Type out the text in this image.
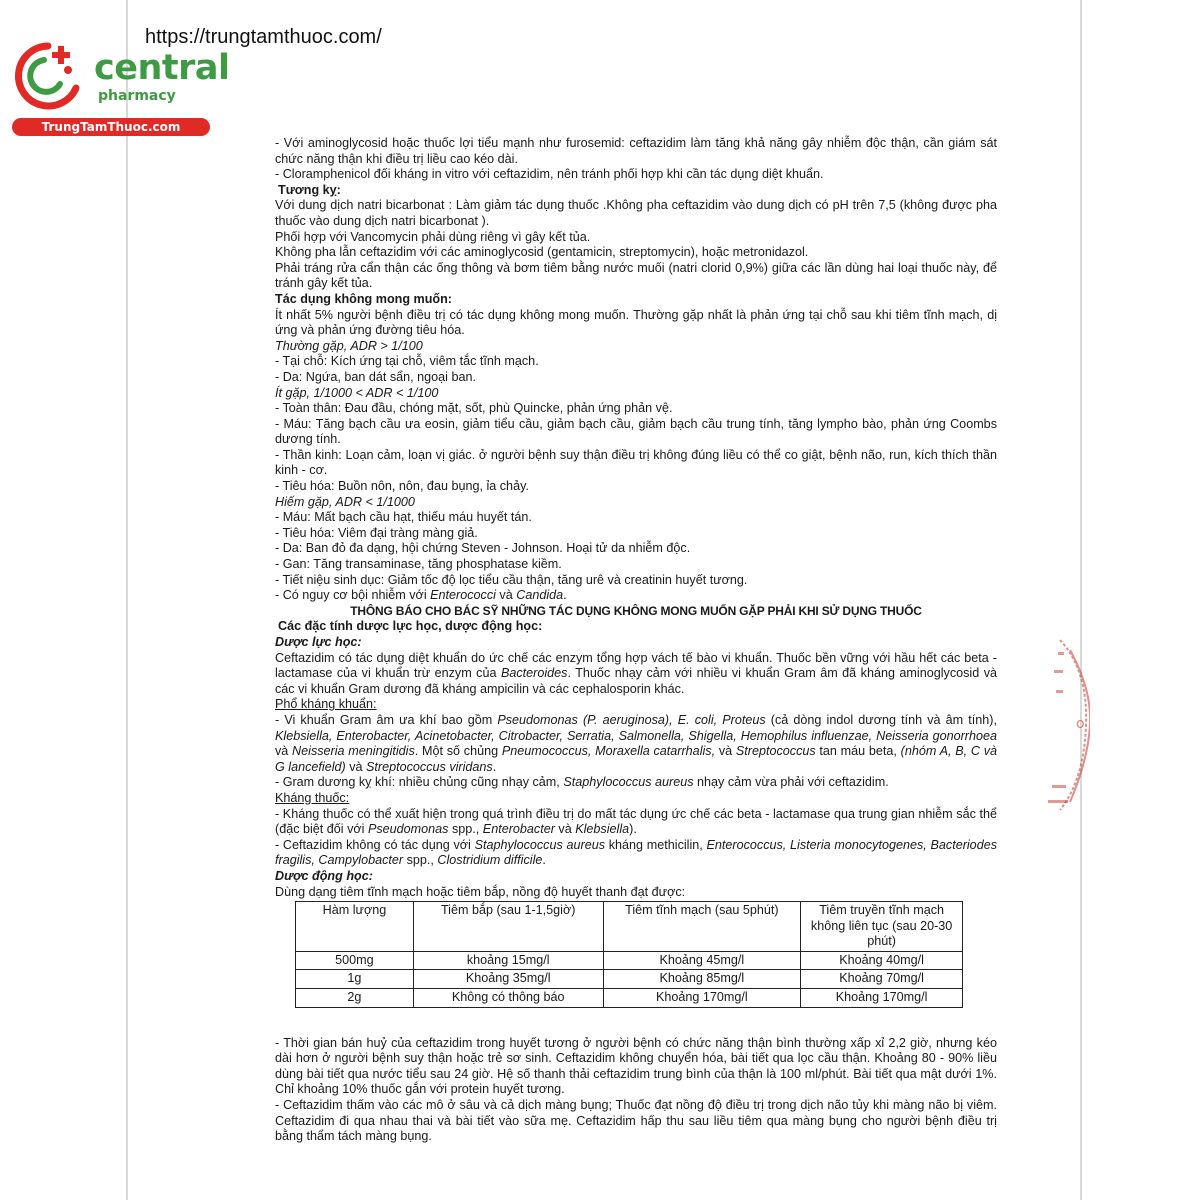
https://trungtamthuoc.com/
central
pharmacy
TrungTamThuoc.com

- Với aminoglycosid hoặc thuốc lợi tiểu mạnh như furosemid: ceftazidim làm tăng khả năng gây nhiễm độc thận, cần giám sát chức năng thận khi điều trị liều cao kéo dài.

- Cloramphenicol đối kháng in vitro với ceftazidim, nên tránh phối hợp khi cần tác dụng diệt khuẩn.

Tương kỵ:

Với dung dịch natri bicarbonat : Làm giảm tác dụng thuốc .Không pha ceftazidim vào dung dịch có pH trên 7,5 (không được pha thuốc vào dung dịch natri bicarbonat ).

Phối hợp với Vancomycin phải dùng riêng vì gây kết tủa.

Không pha lẫn ceftazidim với các aminoglycosid (gentamicin, streptomycin), hoặc metronidazol.

Phải tráng rửa cẩn thận các ống thông và bơm tiêm bằng nước muối (natri clorid 0,9%) giữa các lần dùng hai loại thuốc này, để tránh gây kết tủa.

Tác dụng không mong muốn:

Ít nhất 5% người bệnh điều trị có tác dụng không mong muốn. Thường gặp nhất là phản ứng tại chỗ sau khi tiêm tĩnh mạch, dị ứng và phản ứng đường tiêu hóa.

Thường gặp, ADR > 1/100

- Tại chỗ: Kích ứng tại chỗ, viêm tắc tĩnh mạch.

- Da: Ngứa, ban dát sẩn, ngoại ban.

Ít gặp, 1/1000 < ADR < 1/100

- Toàn thân: Đau đầu, chóng mặt, sốt, phù Quincke, phản ứng phản vệ.

- Máu: Tăng bạch cầu ưa eosin, giảm tiểu cầu, giảm bạch cầu, giảm bạch cầu trung tính, tăng lympho bào, phản ứng Coombs dương tính.

- Thần kinh: Loạn cảm, loạn vị giác. ở người bệnh suy thận điều trị không đúng liều có thể co giật, bệnh não, run, kích thích thần kinh - cơ.

- Tiêu hóa: Buồn nôn, nôn, đau bụng, ỉa chảy.

Hiếm gặp, ADR < 1/1000

- Máu: Mất bạch cầu hạt, thiếu máu huyết tán.

- Tiêu hóa: Viêm đại tràng màng giả.

- Da: Ban đỏ đa dạng, hội chứng Steven - Johnson. Hoại tử da nhiễm độc.

- Gan: Tăng transaminase, tăng phosphatase kiềm.

- Tiết niệu sinh dục: Giảm tốc độ lọc tiểu cầu thận, tăng urê và creatinin huyết tương.

- Có nguy cơ bội nhiễm với Enterococci và Candida.

THÔNG BÁO CHO BÁC SỸ NHỮNG TÁC DỤNG KHÔNG MONG MUỐN GẶP PHẢI KHI SỬ DỤNG THUỐC

Các đặc tính dược lực học, dược động học:

Dược lực học:

Ceftazidim có tác dụng diệt khuẩn do ức chế các enzym tổng hợp vách tế bào vi khuẩn. Thuốc bền vững với hầu hết các beta - lactamase của vi khuẩn trừ enzym của Bacteroides. Thuốc nhạy cảm với nhiều vi khuẩn Gram âm đã kháng aminoglycosid và các vi khuẩn Gram dương đã kháng ampicilin và các cephalosporin khác.

Phổ kháng khuẩn:

- Vi khuẩn Gram âm ưa khí bao gồm Pseudomonas (P. aeruginosa), E. coli, Proteus (cả dòng indol dương tính và âm tính), Klebsiella, Enterobacter, Acinetobacter, Citrobacter, Serratia, Salmonella, Shigella, Hemophilus influenzae, Neisseria gonorrhoea và Neisseria meningitidis. Một số chủng Pneumococcus, Moraxella catarrhalis, và Streptococcus tan máu beta, (nhóm A, B, C và G lancefield) và Streptococcus viridans.

- Gram dương kỵ khí: nhiều chủng cũng nhạy cảm, Staphylococcus aureus nhạy cảm vừa phải với ceftazidim.

Kháng thuốc:

- Kháng thuốc có thể xuất hiện trong quá trình điều trị do mất tác dụng ức chế các beta - lactamase qua trung gian nhiễm sắc thể (đặc biệt đối với Pseudomonas spp., Enterobacter và Klebsiella).

- Ceftazidim không có tác dụng với Staphylococcus aureus kháng methicilin, Enterococcus, Listeria monocytogenes, Bacteriodes fragilis, Campylobacter spp., Clostridium difficile.

Dược động học:

Dùng dạng tiêm tĩnh mạch hoặc tiêm bắp, nồng độ huyết thanh đạt được:

Hàm lượng	Tiêm bắp (sau 1-1,5giờ)	Tiêm tĩnh mạch (sau 5phút)	Tiêm truyền tĩnh mạch không liên tục (sau 20-30 phút)
500mg	khoảng 15mg/l	Khoảng 45mg/l	Khoảng 40mg/l
1g	Khoảng 35mg/l	Khoảng 85mg/l	Khoảng 70mg/l
2g	Không có thông báo	Khoảng 170mg/l	Khoảng 170mg/l

- Thời gian bán huỷ của ceftazidim trong huyết tương ở người bệnh có chức năng thận bình thường xấp xỉ 2,2 giờ, nhưng kéo dài hơn ở người bệnh suy thận hoặc trẻ sơ sinh. Ceftazidim không chuyển hóa, bài tiết qua lọc cầu thận. Khoảng 80 - 90% liều dùng bài tiết qua nước tiểu sau 24 giờ. Hệ số thanh thải ceftazidim trung bình của thận là 100 ml/phút. Bài tiết qua mật dưới 1%. Chỉ khoảng 10% thuốc gắn với protein huyết tương.

- Ceftazidim thấm vào các mô ở sâu và cả dịch màng bụng; Thuốc đạt nồng độ điều trị trong dịch não tủy khi màng não bị viêm. Ceftazidim đi qua nhau thai và bài tiết vào sữa mẹ. Ceftazidim hấp thu sau liều tiêm qua màng bụng cho người bệnh điều trị bằng thẩm tách màng bụng.

o
